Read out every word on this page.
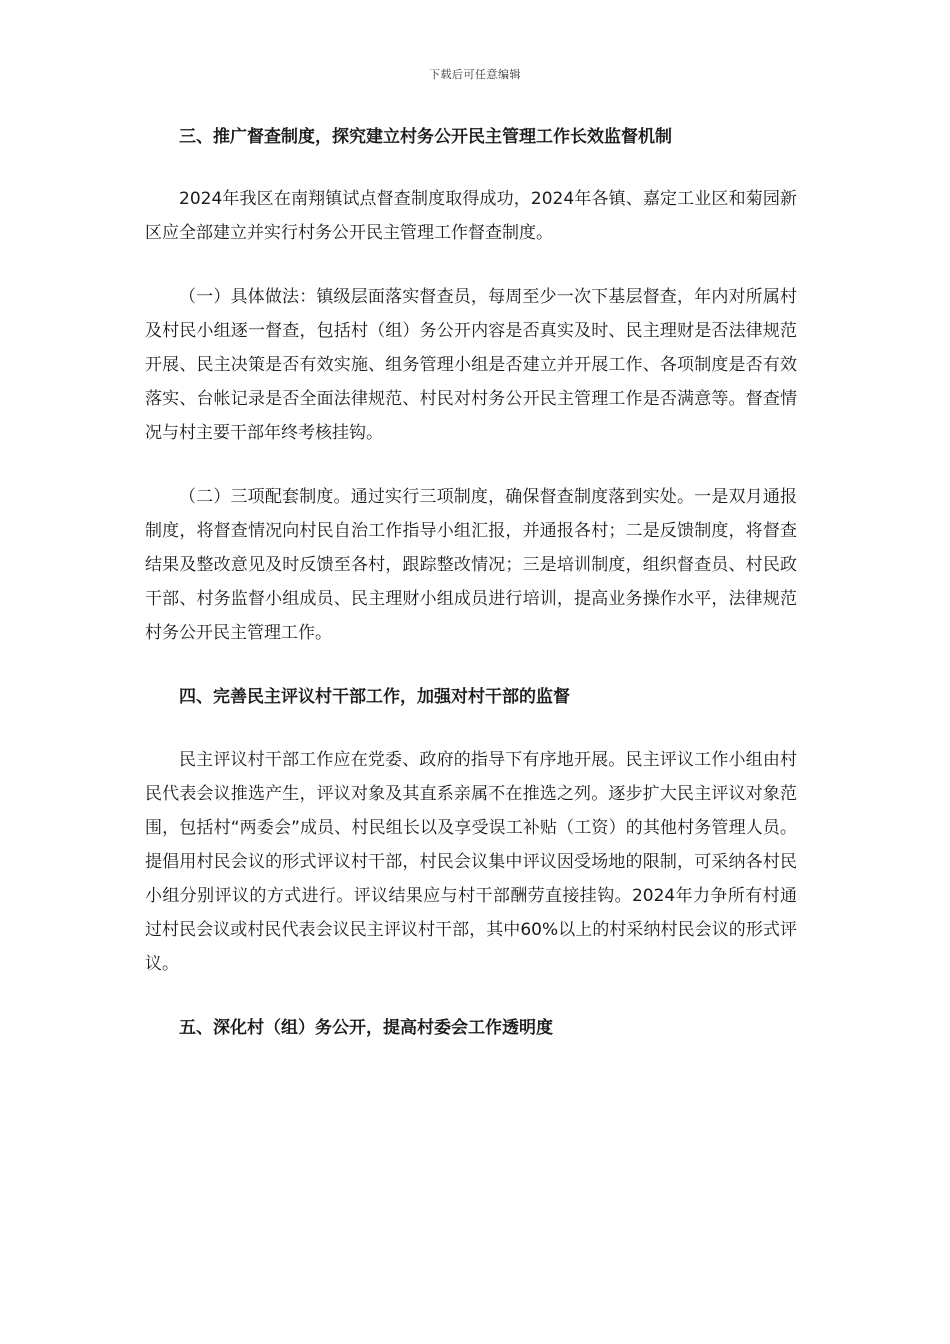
下载后可任意编辑

三、推广督查制度，探究建立村务公开民主管理工作长效监督机制

2024年我区在南翔镇试点督查制度取得成功，2024年各镇、嘉定工业区和菊园新区应全部建立并实行村务公开民主管理工作督查制度。

（一）具体做法：镇级层面落实督查员，每周至少一次下基层督查，年内对所属村及村民小组逐一督查，包括村（组）务公开内容是否真实及时、民主理财是否法律规范开展、民主决策是否有效实施、组务管理小组是否建立并开展工作、各项制度是否有效落实、台帐记录是否全面法律规范、村民对村务公开民主管理工作是否满意等。督查情况与村主要干部年终考核挂钩。

（二）三项配套制度。通过实行三项制度，确保督查制度落到实处。一是双月通报制度，将督查情况向村民自治工作指导小组汇报，并通报各村；二是反馈制度，将督查结果及整改意见及时反馈至各村，跟踪整改情况；三是培训制度，组织督查员、村民政干部、村务监督小组成员、民主理财小组成员进行培训，提高业务操作水平，法律规范村务公开民主管理工作。

四、完善民主评议村干部工作，加强对村干部的监督

民主评议村干部工作应在党委、政府的指导下有序地开展。民主评议工作小组由村民代表会议推选产生，评议对象及其直系亲属不在推选之列。逐步扩大民主评议对象范围，包括村“两委会”成员、村民组长以及享受误工补贴（工资）的其他村务管理人员。提倡用村民会议的形式评议村干部，村民会议集中评议因受场地的限制，可采纳各村民小组分别评议的方式进行。评议结果应与村干部酬劳直接挂钩。2024年力争所有村通过村民会议或村民代表会议民主评议村干部，其中60%以上的村采纳村民会议的形式评议。

五、深化村（组）务公开，提高村委会工作透明度
